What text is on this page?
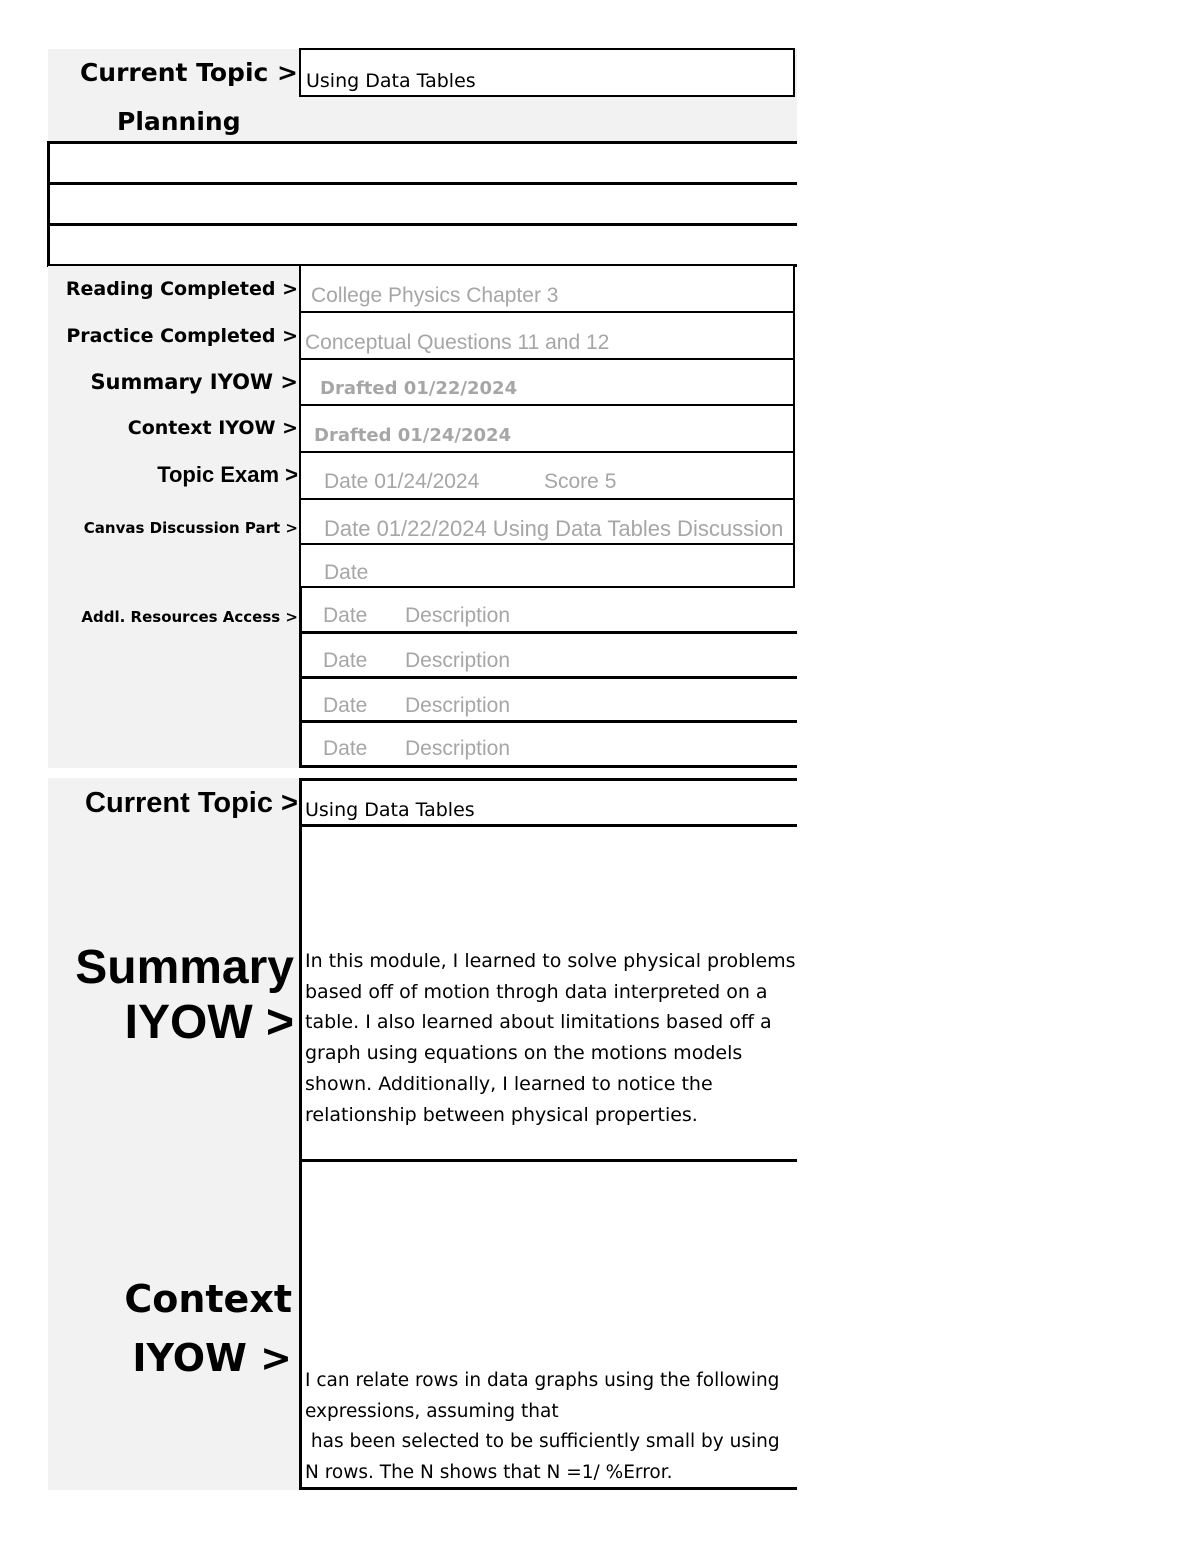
Current Topic > Using Data Tables
Planning
Reading Completed > College Physics Chapter 3
Practice Completed > Conceptual Questions 11 and 12
Summary IYOW > Drafted 01/22/2024
Context IYOW > Drafted 01/24/2024
Topic Exam > Date 01/24/2024	Score 5
Canvas Discussion Part > Date 01/22/2024 Using Data Tables Discussion
Date
Addl. Resources Access > Date Description
Date Description
Date Description
Date Description
Current Topic > Using Data Tables
Summary
IYOW >
In this module, I learned to solve physical problems based off of motion throgh data interpreted on a table. I also learned about limitations based off a graph using equations on the motions models shown. Additionally, I learned to notice the relationship between physical properties.
Context
IYOW >
I can relate rows in data graphs using the following expressions, assuming that
has been selected to be sufficiently small by using N rows. The N shows that N =1/ %Error.
